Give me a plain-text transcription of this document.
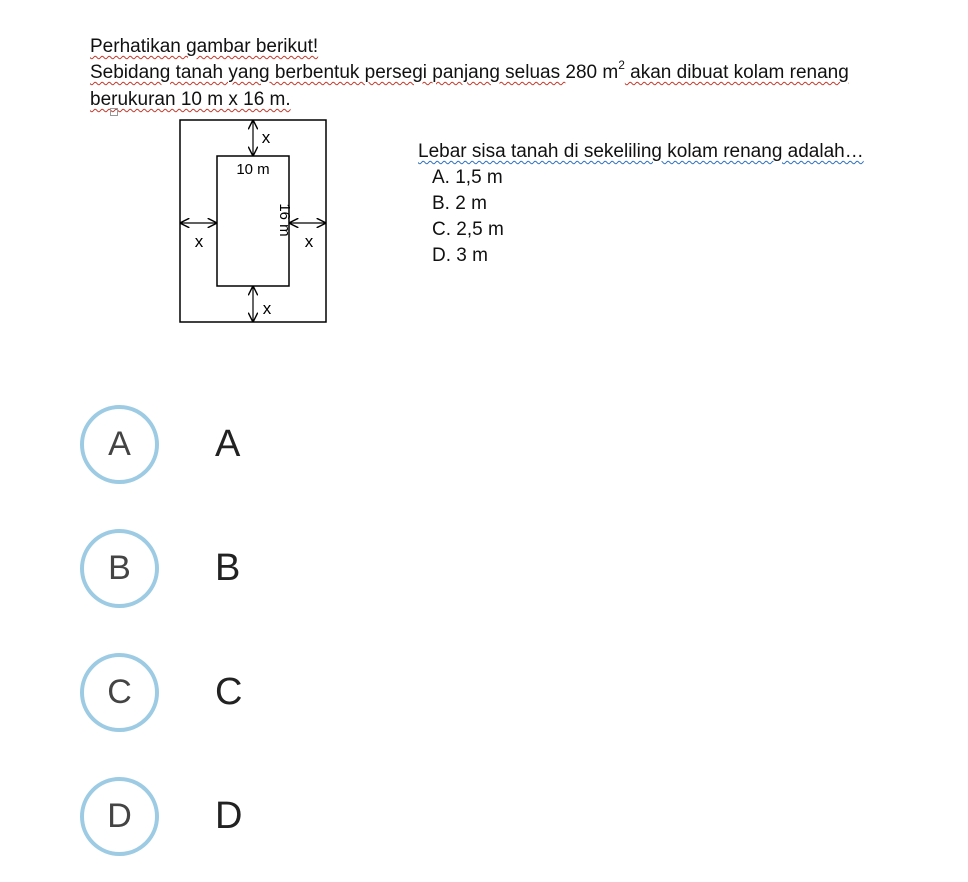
Perhatikan gambar berikut!
Sebidang tanah yang berbentuk persegi panjang seluas 280 $m^2$ akan dibuat kolam renang
berukuran 10 m x 16 m.
x
x
x	x
10 m
16 m
Lebar sisa tanah di sekeliling kolam renang adalah…
A. 1,5 m
B. 2 m
C. 2,5 m
D. 3 m
A	A
B	B
C	C
D	D
